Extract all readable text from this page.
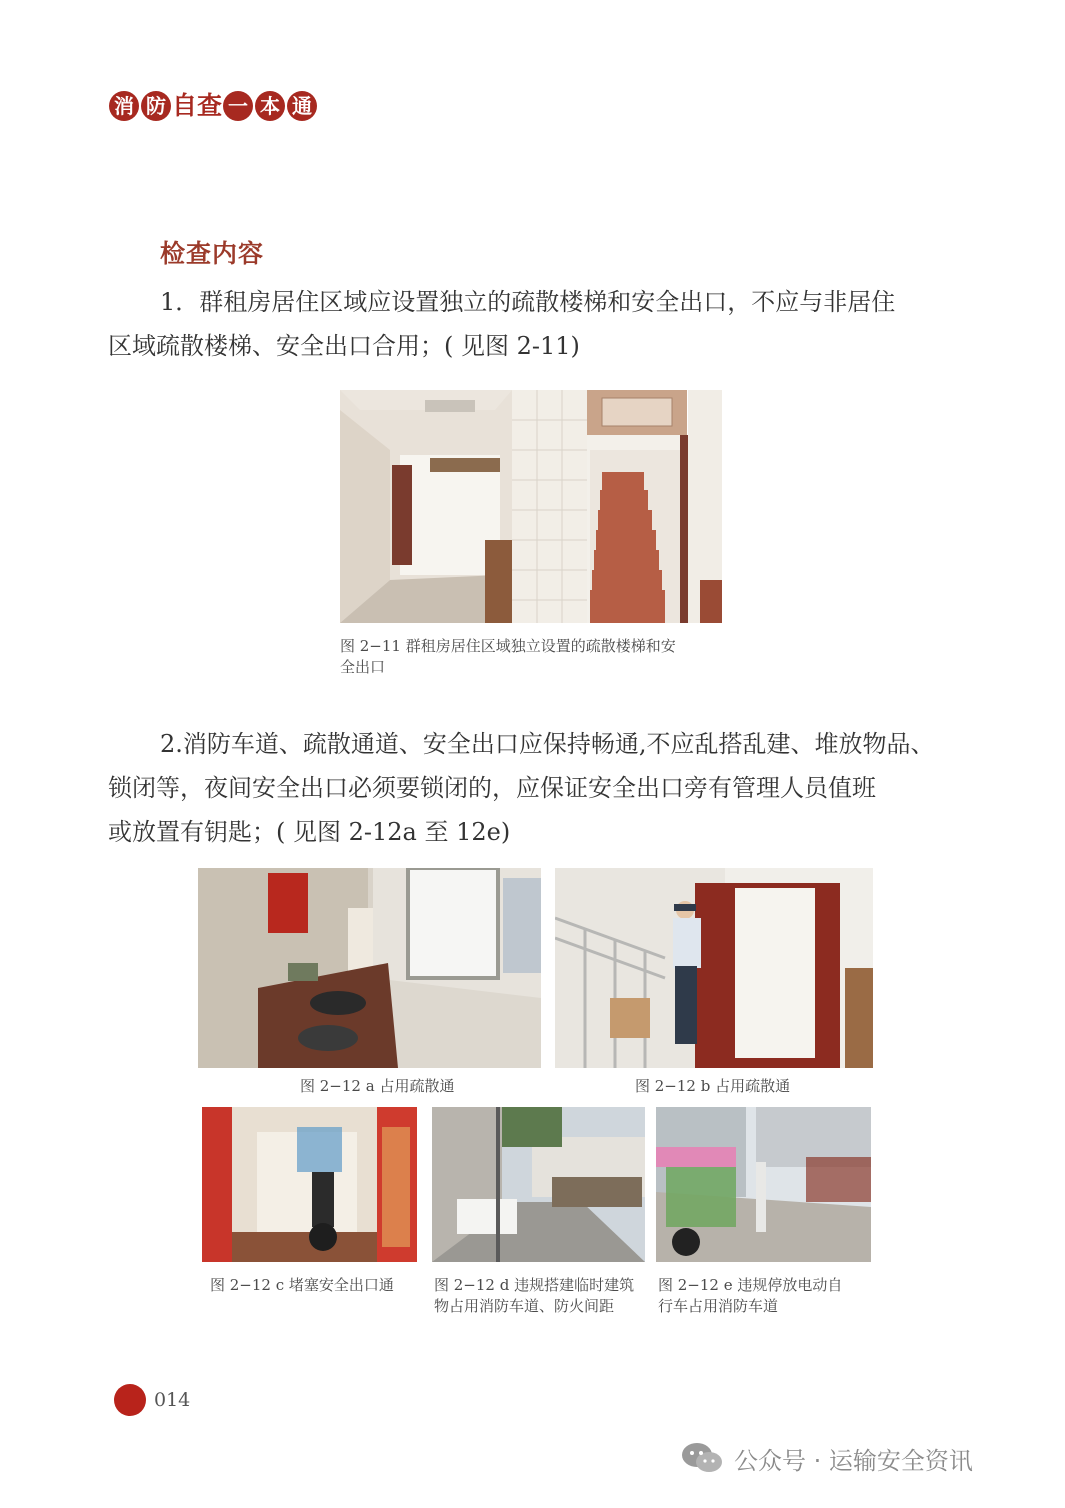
消 防 自 查 一 本 通
检查内容
1．群租房居住区域应设置独立的疏散楼梯和安全出口，不应与非居住
区域疏散楼梯、安全出口合用；( 见图 2-11)
图 2−11 群租房居住区域独立设置的疏散楼梯和安
全出口
2.消防车道、疏散通道、安全出口应保持畅通,不应乱搭乱建、堆放物品、
锁闭等，夜间安全出口必须要锁闭的，应保证安全出口旁有管理人员值班
或放置有钥匙；( 见图 2-12a 至 12e)
图 2−12 a 占用疏散通	图 2−12 b 占用疏散通
图 2−12 c 堵塞安全出口通	图 2−12 d 违规搭建临时建筑
物占用消防车道、防火间距
图 2−12 e 违规停放电动自
行车占用消防车道
014
公众号 · 运输安全资讯
